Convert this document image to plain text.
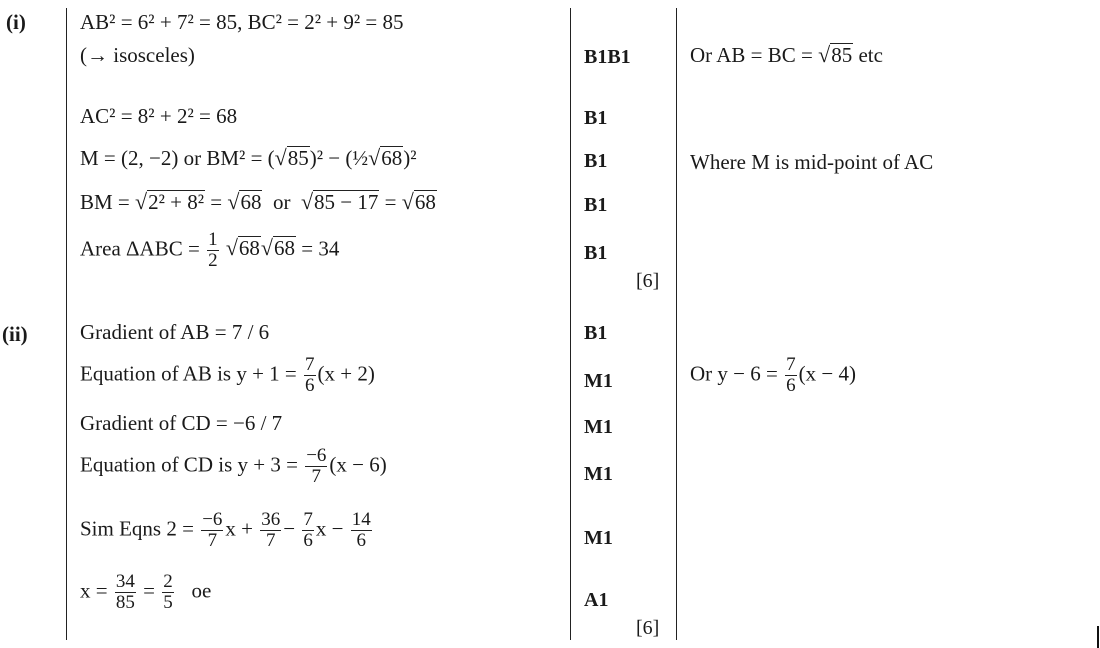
(i)	AB² = 6² + 7² = 85, BC² = 2² + 9² = 85
(→ isosceles)
AC² = 8² + 2² = 68
M = (2, −2) or BM² = (√85)² − (½√68)²
BM = √2² + 8² = √68 or √85 − 17 = √68
Area $\Delta ABC = \frac{1}{2} √68√68 = 34$
B1B1
B1
B1
B1
B1
[6]
Or AB = BC = √85 etc
Where M is mid-point of AC
(ii) Gradient of AB = 7 / 6
Equation of AB is $y + 1 = \frac{7}{6} (x + 2)$
Gradient of CD = −6 / 7
Equation of CD is $y + 3 = \frac{-6}{7} (x - 6)$
Sim Eqns $2 = \frac{-6}{7}$ $x + \frac{36}{7} - \frac{7}{6}$ $x - \frac{14}{6}$
$x = \frac{34}{85} = \frac{2}{5}$ oe
B1
M1
M1
M1
M1
A1
[6]
Or $y - 6 = \frac{7}{6} (x - 4)$
